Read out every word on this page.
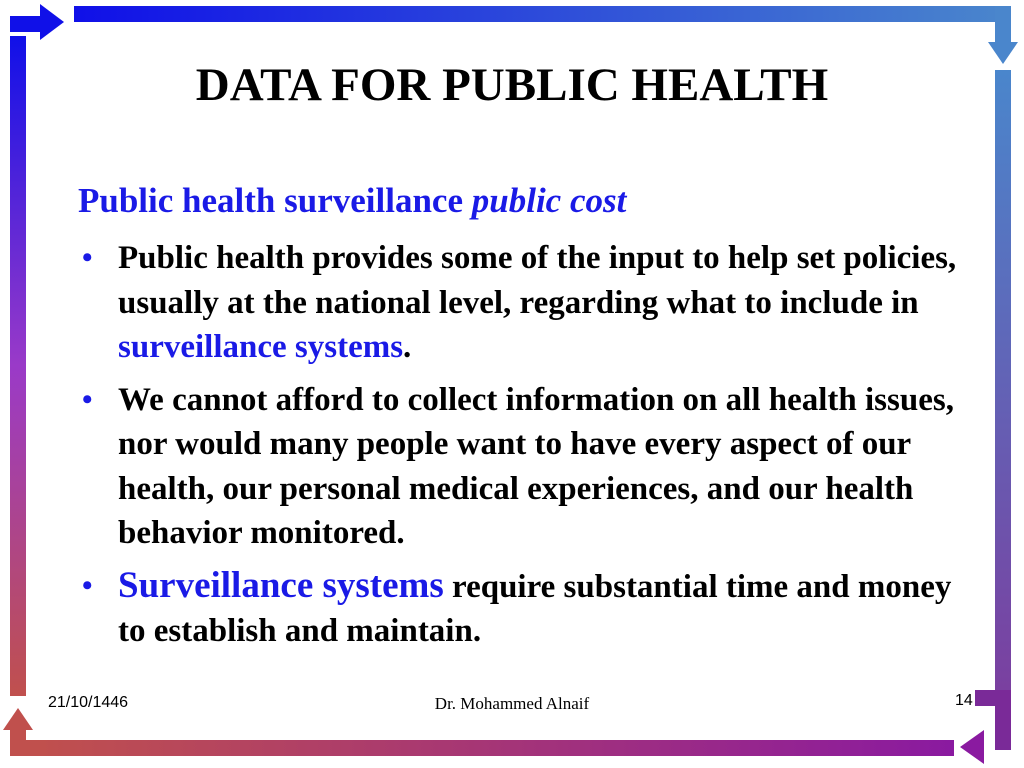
DATA FOR PUBLIC HEALTH
Public health surveillance public cost
• Public health provides some of the input to help set policies, usually at the national level, regarding what to include in surveillance systems.
• We cannot afford to collect information on all health issues, nor would many people want to have every aspect of our health, our personal medical experiences, and our health behavior monitored.
• Surveillance systems require substantial time and money to establish and maintain.
21/10/1446	Dr. Mohammed Alnaif	14
